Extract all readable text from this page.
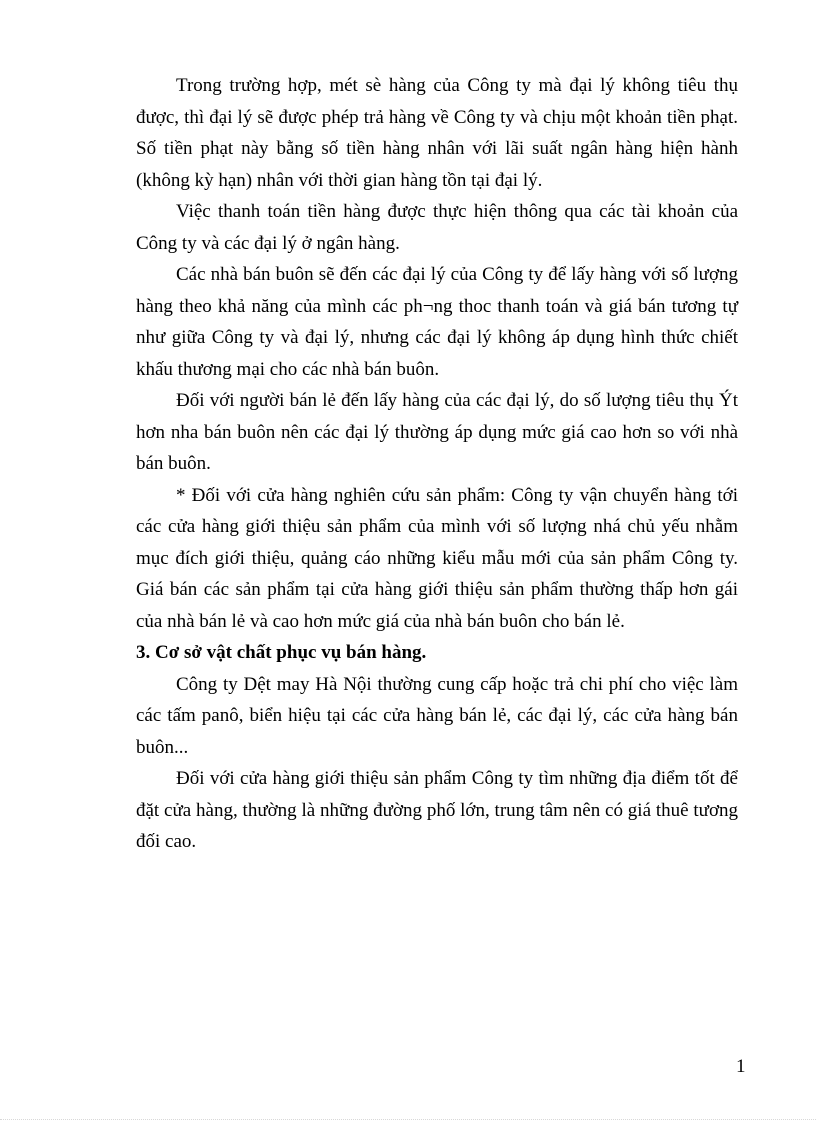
Trong trường hợp, mét sè hàng của Công ty mà đại lý không tiêu thụ được, thì đại lý sẽ được phép trả hàng về Công ty và chịu một khoản tiền phạt. Số tiền phạt này bằng số tiền hàng nhân với lãi suất ngân hàng hiện hành (không kỳ hạn) nhân với thời gian hàng tồn tại đại lý.

Việc thanh toán tiền hàng được thực hiện thông qua các tài khoản của Công ty và các đại lý ở ngân hàng.

Các nhà bán buôn sẽ đến các đại lý của Công ty để lấy hàng với số lượng hàng theo khả năng của mình các ph¬ng thoc thanh toán và giá bán tương tự như giữa Công ty và đại lý, nhưng các đại lý không áp dụng hình thức chiết khấu thương mại cho các nhà bán buôn.

Đối với người bán lẻ đến lấy hàng của các đại lý, do số lượng tiêu thụ Ýt hơn nha bán buôn nên các đại lý thường áp dụng mức giá cao hơn so với nhà bán buôn.

* Đối với cửa hàng nghiên cứu sản phẩm: Công ty vận chuyển hàng tới các cửa hàng giới thiệu sản phẩm của mình với số lượng nhá chủ yếu nhằm mục đích giới thiệu, quảng cáo những kiểu mẫu mới của sản phẩm Công ty. Giá bán các sản phẩm tại cửa hàng giới thiệu sản phẩm thường thấp hơn gái của nhà bán lẻ và cao hơn mức giá của nhà bán buôn cho bán lẻ.

3. Cơ sở vật chất phục vụ bán hàng.

Công ty Dệt may Hà Nội thường cung cấp hoặc trả chi phí cho việc làm các tấm panô, biển hiệu tại các cửa hàng bán lẻ, các đại lý, các cửa hàng bán buôn...

Đối với cửa hàng giới thiệu sản phẩm Công ty tìm những địa điểm tốt để đặt cửa hàng, thường là những đường phố lớn, trung tâm nên có giá thuê tương đối cao.

1
